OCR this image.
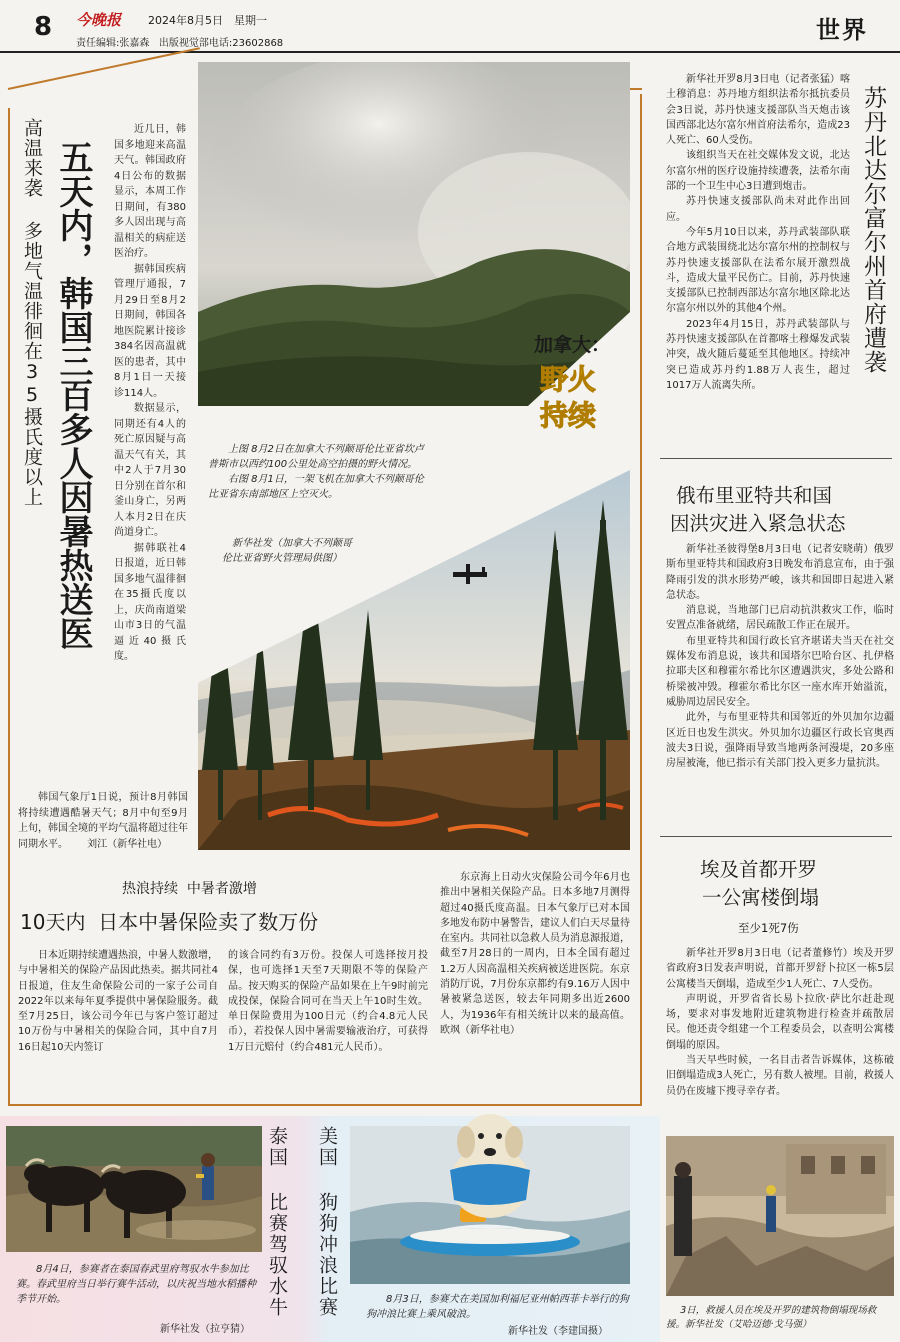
8 今晚报 2024年8月5日 星期一
责任编辑:张嘉森   出版视觉部电话:23602868	世界
高温来袭 多地气温徘徊在35摄氏度以上 五天内，韩国三百多人因暑热送医

近几日，韩国多地迎来高温天气。韩国政府4日公布的数据显示，本周工作日期间，有380多人因出现与高温相关的病症送医治疗。

据韩国疾病管理厅通报，7月29日至8月2日期间，韩国各地医院累计接诊384名因高温就医的患者，其中8月1日一天接诊114人。

数据显示，同期还有4人的死亡原因疑与高温天气有关，其中2人于7月30日分别在首尔和釜山身亡，另两人本月2日在庆尚道身亡。

据韩联社4日报道，近日韩国多地气温徘徊在35摄氏度以上，庆尚南道梁山市3日的气温逼近40摄氏度。

韩国气象厅1日说，预计8月韩国将持续遭遇酷暑天气；8月中旬至9月上旬，韩国全境的平均气温将超过往年同期水平。      刘江（新华社电）

加拿大：
野火
持续

上图 8月2日在加拿大不列颠哥伦比亚省坎卢普斯市以西约100公里处高空拍摄的野火情况。

右图 8月1日，一架飞机在加拿大不列颠哥伦比亚省东南部地区上空灭火。

新华社发（加拿大不列颠哥伦比亚省野火管理局供图）

新华社开罗8月3日电（记者张猛）喀土穆消息：苏丹地方组织法希尔抵抗委员会3日说，苏丹快速支援部队当天炮击该国西部北达尔富尔州首府法希尔，造成23人死亡、60人受伤。

该组织当天在社交媒体发文说，北达尔富尔州的医疗设施持续遭袭，法希尔南部的一个卫生中心3日遭到炮击。

苏丹快速支援部队尚未对此作出回应。

今年5月10日以来，苏丹武装部队联合地方武装围绕北达尔富尔州的控制权与苏丹快速支援部队在法希尔展开激烈战斗，造成大量平民伤亡。目前，苏丹快速支援部队已控制西部达尔富尔地区除北达尔富尔州以外的其他4个州。

2023年4月15日，苏丹武装部队与苏丹快速支援部队在首都喀土穆爆发武装冲突，战火随后蔓延至其他地区。持续冲突已造成苏丹约1.88万人丧生，超过1017万人流离失所。

苏丹北达尔富尔州首府遭袭
俄布里亚特共和国
因洪灾进入紧急状态

新华社圣彼得堡8月3日电（记者安晓萌）俄罗斯布里亚特共和国政府3日晚发布消息宣布，由于强降雨引发的洪水形势严峻，该共和国即日起进入紧急状态。

消息说，当地部门已启动抗洪救灾工作，临时安置点准备就绪，居民疏散工作正在展开。

布里亚特共和国行政长官齐堪诺夫当天在社交媒体发布消息说，该共和国塔尔巴哈台区、扎伊格拉耶夫区和穆霍尔希比尔区遭遇洪灾，多处公路和桥梁被冲毁。穆霍尔希比尔区一座水库开始溢流，威胁周边居民安全。

此外，与布里亚特共和国邻近的外贝加尔边疆区近日也发生洪灾。外贝加尔边疆区行政长官奥西波夫3日说，强降雨导致当地两条河漫堤，20多座房屋被淹，他已指示有关部门投入更多力量抗洪。

埃及首都开罗
一公寓楼倒塌
至少1死7伤

新华社开罗8月3日电（记者董修竹）埃及开罗省政府3日发表声明说，首都开罗舒卜拉区一栋5层公寓楼当天倒塌，造成至少1人死亡、7人受伤。

声明说，开罗省省长易卜拉欣·萨比尔赶赴现场，要求对事发地附近建筑物进行检查并疏散居民。他还责令组建一个工程委员会，以查明公寓楼倒塌的原因。

当天早些时候，一名目击者告诉媒体，这栋破旧倒塌造成3人死亡，另有数人被埋。目前，救援人员仍在废墟下搜寻幸存者。

3日，救援人员在埃及开罗的建筑物倒塌现场救援。新华社发（艾哈迈德·戈马强）
热浪持续  中暑者激增
10天内  日本中暑保险卖了数万份

日本近期持续遭遇热浪，中暑人数激增，与中暑相关的保险产品因此热卖。据共同社4日报道，住友生命保险公司的一家子公司自2022年以来每年夏季提供中暑保险服务。截至7月25日，该公司今年已与客户签订超过10万份与中暑相关的保险合同，其中自7月16日起10天内签订

的该合同约有3万份。投保人可选择按月投保，也可选择1天至7天期限不等的保险产品。按天购买的保险产品如果在上午9时前完成投保，保险合同可在当天上午10时生效。单日保险费用为100日元（约合4.8元人民币），若投保人因中暑需要输液治疗，可获得1万日元赔付（约合481元人民币）。

东京海上日动火灾保险公司今年6月也推出中暑相关保险产品。日本多地7月测得超过40摄氏度高温。日本气象厅已对本国多地发布防中暑警告，建议人们白天尽量待在室内。共同社以急救人员为消息源报道，截至7月28日的一周内，日本全国有超过1.2万人因高温相关疾病被送进医院。东京消防厅说，7月份东京都约有9.16万人因中暑被紧急送医，较去年同期多出近2600人，为1936年有相关统计以来的最高值。   欧飒（新华社电）

8月4日，参赛者在泰国春武里府驾驭水牛参加比赛。春武里府当日举行赛牛活动，以庆祝当地水稻播种季节开始。
新华社发（拉亨猜）
泰国 比赛驾驭水牛 美国 狗狗冲浪比赛	8月3日，参赛犬在美国加利福尼亚州帕西菲卡举行的狗狗冲浪比赛上乘风破浪。
新华社发（李建国摄）
